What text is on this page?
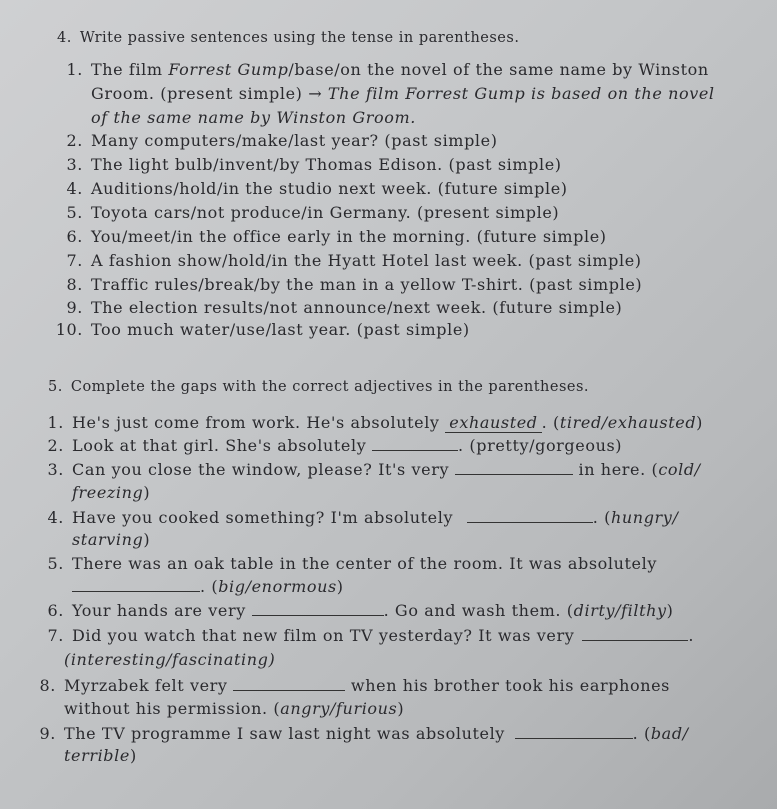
4. Write passive sentences using the tense in parentheses.
1. The film Forrest Gump/base/on the novel of the same name by Winston
Groom. (present simple) → The film Forrest Gump is based on the novel
of the same name by Winston Groom.
2. Many computers/make/last year? (past simple)
3. The light bulb/invent/by Thomas Edison. (past simple)
4. Auditions/hold/in the studio next week. (future simple)
5. Toyota cars/not produce/in Germany. (present simple)
6. You/meet/in the office early in the morning. (future simple)
7. A fashion show/hold/in the Hyatt Hotel last week. (past simple)
8. Traffic rules/break/by the man in a yellow T-shirt. (past simple)
9. The election results/not announce/next week. (future simple)
10. Too much water/use/last year. (past simple)
5. Complete the gaps with the correct adjectives in the parentheses.
1. He's just come from work. He's absolutely exhausted . (tired/exhausted)
2. Look at that girl. She's absolutely	. (pretty/gorgeous)
3. Can you close the window, please? It's very	in here. (cold/
freezing)
4. Have you cooked something? I'm absolutely	. (hungry/
starving)
5. There was an oak table in the center of the room. It was absolutely
. (big/enormous)
6. Your hands are very	. Go and wash them. (dirty/filthy)
7. Did you watch that new film on TV yesterday? It was very	.
(interesting/fascinating)
8. Myrzabek felt very	when his brother took his earphones
without his permission. (angry/furious)
9. The TV programme I saw last night was absolutely	. (bad/
terrible)
